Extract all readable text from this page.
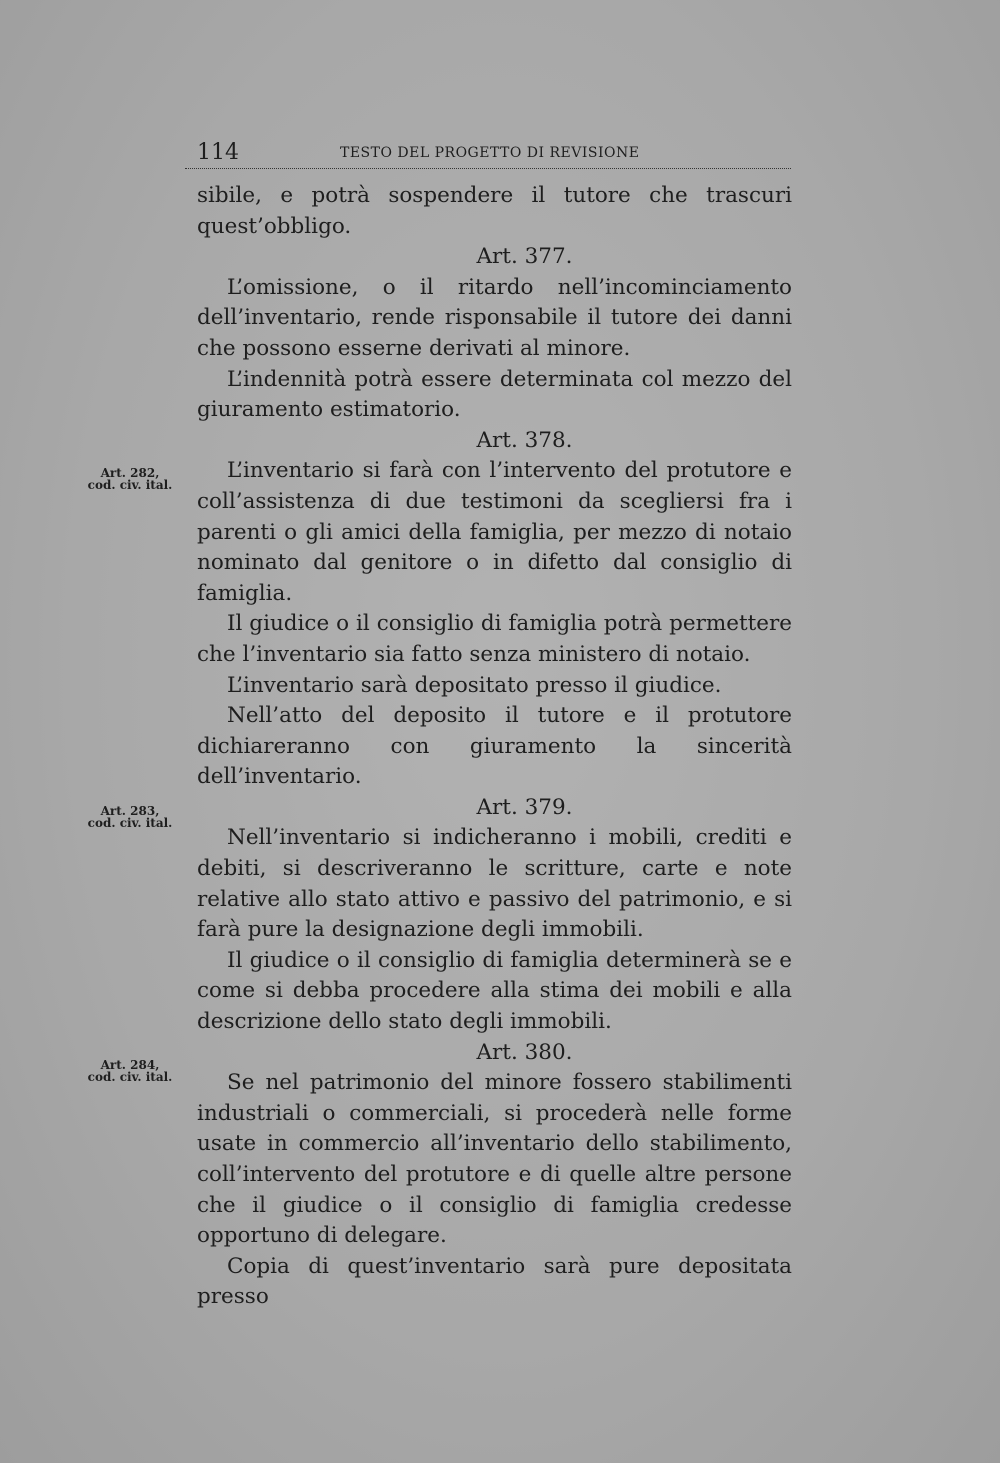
114	TESTO DEL PROGETTO DI REVISIONE
Art. 282,
cod. civ. ital.
Art. 283,
cod. civ. ital.
Art. 284,
cod. civ. ital.

sibile, e potrà sospendere il tutore che trascuri quest’obbligo.

Art. 377.

L’omissione, o il ritardo nell’incominciamento dell’inventario, rende risponsabile il tutore dei danni che possono esserne derivati al minore.

L’indennità potrà essere determinata col mezzo del giuramento estimatorio.

Art. 378.

L’inventario si farà con l’intervento del protutore e coll’assistenza di due testimoni da scegliersi fra i parenti o gli amici della famiglia, per mezzo di notaio nominato dal genitore o in difetto dal consiglio di famiglia.

Il giudice o il consiglio di famiglia potrà permettere che l’inventario sia fatto senza ministero di notaio.

L’inventario sarà depositato presso il giudice.

Nell’atto del deposito il tutore e il protutore dichiareranno con giuramento la sincerità dell’inventario.

Art. 379.

Nell’inventario si indicheranno i mobili, crediti e debiti, si descriveranno le scritture, carte e note relative allo stato attivo e passivo del patrimonio, e si farà pure la designazione degli immobili.

Il giudice o il consiglio di famiglia determinerà se e come si debba procedere alla stima dei mobili e alla descrizione dello stato degli immobili.

Art. 380.

Se nel patrimonio del minore fossero stabilimenti industriali o commerciali, si procederà nelle forme usate in commercio all’inventario dello stabilimento, coll’intervento del protutore e di quelle altre persone che il giudice o il consiglio di famiglia credesse opportuno di delegare.

Copia di quest’inventario sarà pure depositata presso
